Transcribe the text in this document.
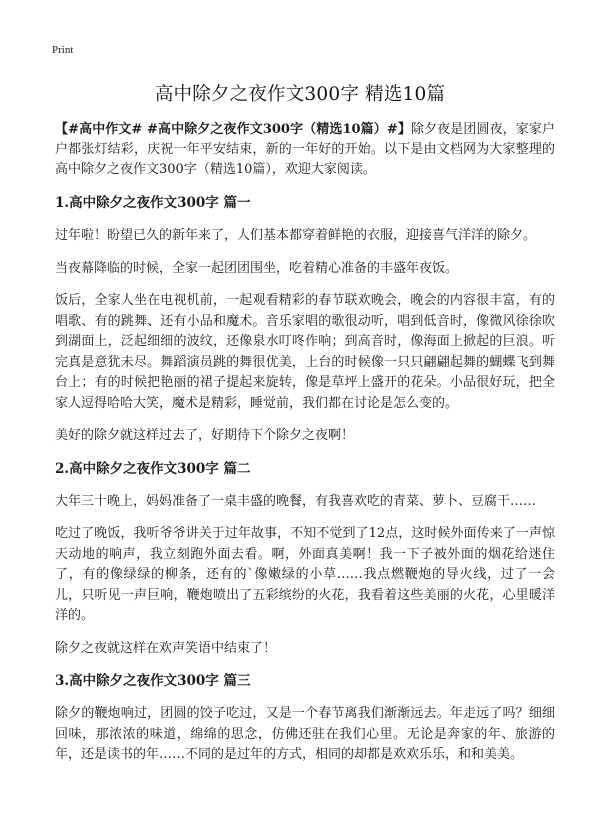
Print
高中除夕之夜作文300字 精选10篇
【#高中作文# #高中除夕之夜作文300字（精选10篇）#】除夕夜是团圆夜，家家户户都张灯结彩，庆祝一年平安结束，新的一年好的开始。以下是由文档网为大家整理的高中除夕之夜作文300字（精选10篇），欢迎大家阅读。
1.高中除夕之夜作文300字 篇一

过年啦！盼望已久的新年来了，人们基本都穿着鲜艳的衣服，迎接喜气洋洋的除夕。

当夜幕降临的时候，全家一起团团围坐，吃着精心准备的丰盛年夜饭。

饭后，全家人坐在电视机前，一起观看精彩的春节联欢晚会，晚会的内容很丰富，有的唱歌、有的跳舞、还有小品和魔术。音乐家唱的歌很动听，唱到低音时，像微风徐徐吹到湖面上，泛起细细的波纹，还像泉水叮咚作响；到高音时，像海面上掀起的巨浪。听完真是意犹未尽。舞蹈演员跳的舞很优美，上台的时候像一只只翩翩起舞的蝴蝶飞到舞台上；有的时候把艳丽的裙子提起来旋转，像是草坪上盛开的花朵。小品很好玩，把全家人逗得哈哈大笑，魔术是精彩，睡觉前，我们都在讨论是怎么变的。

美好的除夕就这样过去了，好期待下个除夕之夜啊！

2.高中除夕之夜作文300字 篇二

大年三十晚上，妈妈准备了一桌丰盛的晚餐，有我喜欢吃的青菜、萝卜、豆腐干……

吃过了晚饭，我听爷爷讲关于过年故事，不知不觉到了12点，这时候外面传来了一声惊天动地的响声，我立刻跑外面去看。啊，外面真美啊！我一下子被外面的烟花给迷住了，有的像绿绿的柳条，还有的`像嫩绿的小草……我点燃鞭炮的导火线，过了一会儿，只听见一声巨响，鞭炮喷出了五彩缤纷的火花，我看着这些美丽的火花，心里暖洋洋的。

除夕之夜就这样在欢声笑语中结束了！

3.高中除夕之夜作文300字 篇三

除夕的鞭炮响过，团圆的饺子吃过，又是一个春节离我们渐渐远去。年走远了吗？细细回味，那浓浓的味道，绵绵的思念，仿佛还驻在我们心里。无论是奔家的年、旅游的年，还是读书的年……不同的是过年的方式，相同的却都是欢欢乐乐，和和美美。
